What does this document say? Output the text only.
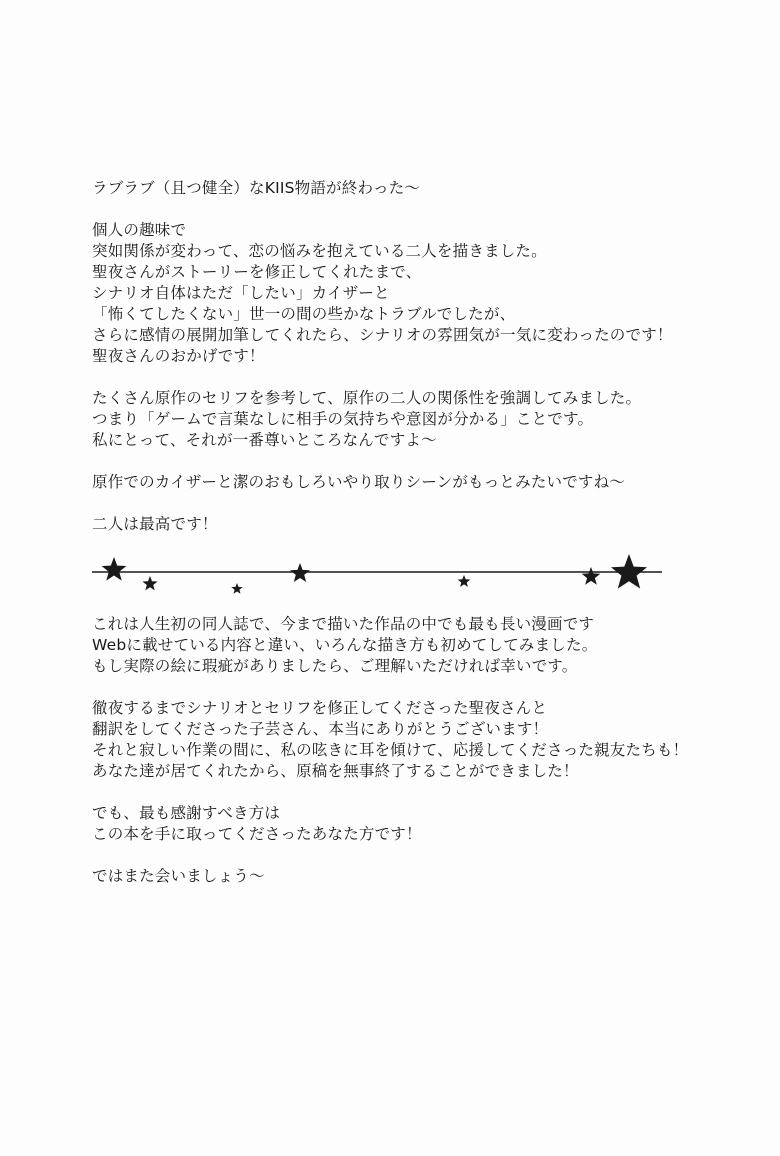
ラブラブ（且つ健全）なKIIS物語が終わった～
個人の趣味で
突如関係が変わって、恋の悩みを抱えている二人を描きました。
聖夜さんがストーリーを修正してくれたまで、
シナリオ自体はただ「したい」カイザーと
「怖くてしたくない」世一の間の些かなトラブルでしたが、
さらに感情の展開加筆してくれたら、シナリオの雰囲気が一気に変わったのです！
聖夜さんのおかげです！
たくさん原作のセリフを参考して、原作の二人の関係性を強調してみました。
つまり「ゲームで言葉なしに相手の気持ちや意図が分かる」ことです。
私にとって、それが一番尊いところなんですよ～
原作でのカイザーと潔のおもしろいやり取りシーンがもっとみたいですね～
二人は最高です！
これは人生初の同人誌で、今まで描いた作品の中でも最も長い漫画です
Webに載せている内容と違い、いろんな描き方も初めてしてみました。
もし実際の絵に瑕疵がありましたら、ご理解いただければ幸いです。
徹夜するまでシナリオとセリフを修正してくださった聖夜さんと
翻訳をしてくださった子芸さん、本当にありがとうございます！
それと寂しい作業の間に、私の呟きに耳を傾けて、応援してくださった親友たちも！
あなた達が居てくれたから、原稿を無事終了することができました！
でも、最も感謝すべき方は
この本を手に取ってくださったあなた方です！
ではまた会いましょう～
